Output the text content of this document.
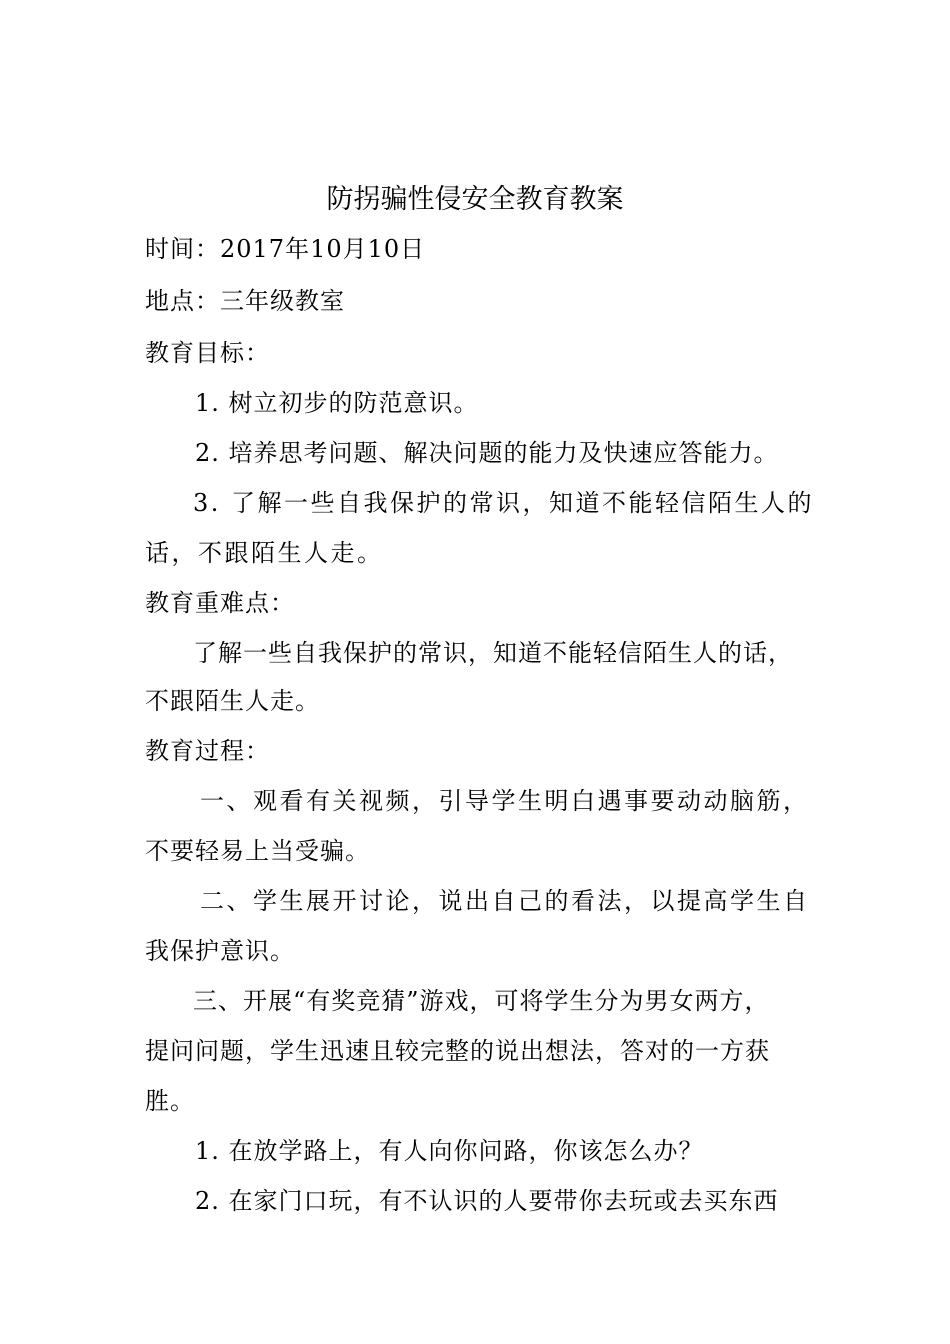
防拐骗性侵安全教育教案
时间：2017年10月10日
地点：三年级教室
教育目标：
1. 树立初步的防范意识。
2. 培养思考问题、解决问题的能力及快速应答能力。
3. 了解一些自我保护的常识，知道不能轻信陌生人的
话，不跟陌生人走。
教育重难点：
了解一些自我保护的常识，知道不能轻信陌生人的话，
不跟陌生人走。
教育过程：
一、观看有关视频，引导学生明白遇事要动动脑筋，
不要轻易上当受骗。
二、学生展开讨论，说出自己的看法，以提高学生自
我保护意识。
三、开展“有奖竞猜”游戏，可将学生分为男女两方，
提问问题，学生迅速且较完整的说出想法，答对的一方获
胜。
1. 在放学路上，有人向你问路，你该怎么办？
2. 在家门口玩，有不认识的人要带你去玩或去买东西
